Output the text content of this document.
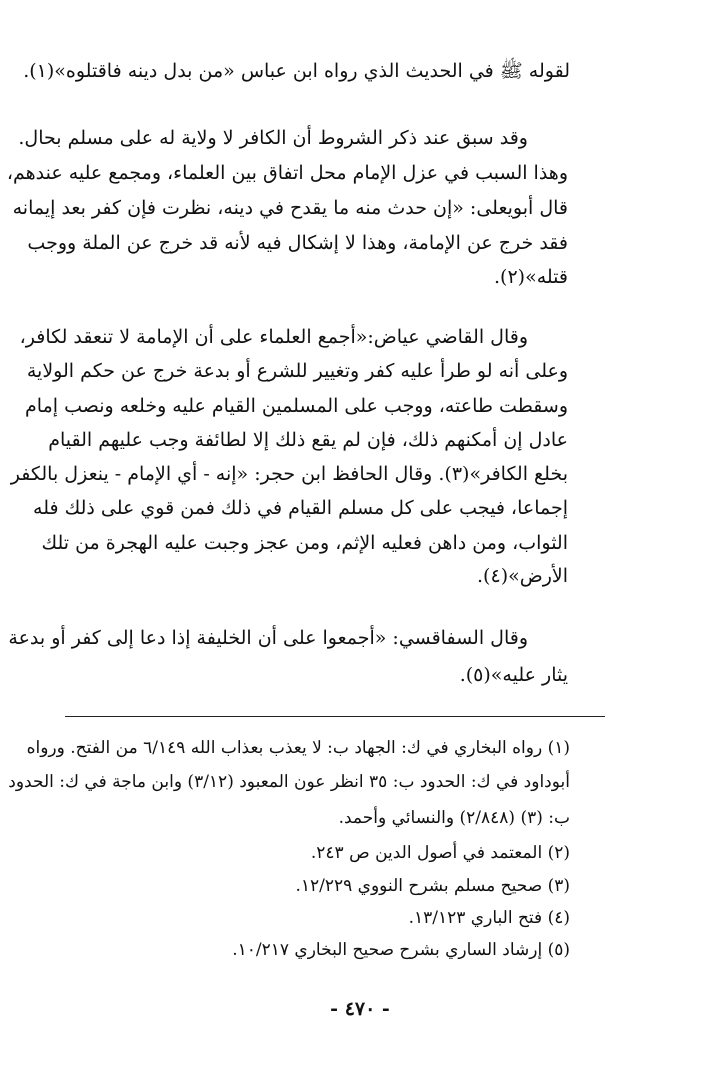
لقوله ﷺ في الحديث الذي رواه ابن عباس «من بدل دينه فاقتلوه»(١).
وقد سبق عند ذكر الشروط أن الكافر لا ولاية له على مسلم بحال.
وهذا السبب في عزل الإمام محل اتفاق بين العلماء، ومجمع عليه عندهم،
قال أبويعلى: «إن حدث منه ما يقدح في دينه، نظرت فإن كفر بعد إيمانه
فقد خرج عن الإمامة، وهذا لا إشكال فيه لأنه قد خرج عن الملة ووجب
قتله»(٢).
وقال القاضي عياض:«أجمع العلماء على أن الإمامة لا تنعقد لكافر،
وعلى أنه لو طرأ عليه كفر وتغيير للشرع أو بدعة خرج عن حكم الولاية
وسقطت طاعته، ووجب على المسلمين القيام عليه وخلعه ونصب إمام
عادل إن أمكنهم ذلك، فإن لم يقع ذلك إلا لطائفة وجب عليهم القيام
بخلع الكافر»(٣). وقال الحافظ ابن حجر: «إنه - أي الإمام - ينعزل بالكفر
إجماعا، فيجب على كل مسلم القيام في ذلك فمن قوي على ذلك فله
الثواب، ومن داهن فعليه الإثم، ومن عجز وجبت عليه الهجرة من تلك
الأرض»(٤).
وقال السفاقسي: «أجمعوا على أن الخليفة إذا دعا إلى كفر أو بدعة
يثار عليه»(٥).
(١) رواه البخاري في ك: الجهاد ب: لا يعذب بعذاب الله ٦/١٤٩ من الفتح. ورواه
أبوداود في ك: الحدود ب: ٣٥ انظر عون المعبود (٣/١٢) وابن ماجة في ك: الحدود
ب: (٣) (٢/٨٤٨) والنسائي وأحمد.
(٢) المعتمد في أصول الدين ص ٢٤٣.
(٣) صحيح مسلم بشرح النووي ١٢/٢٢٩.
(٤) فتح الباري ١٣/١٢٣.
(٥) إرشاد الساري بشرح صحيح البخاري ١٠/٢١٧.
- ٤٧٠ -
